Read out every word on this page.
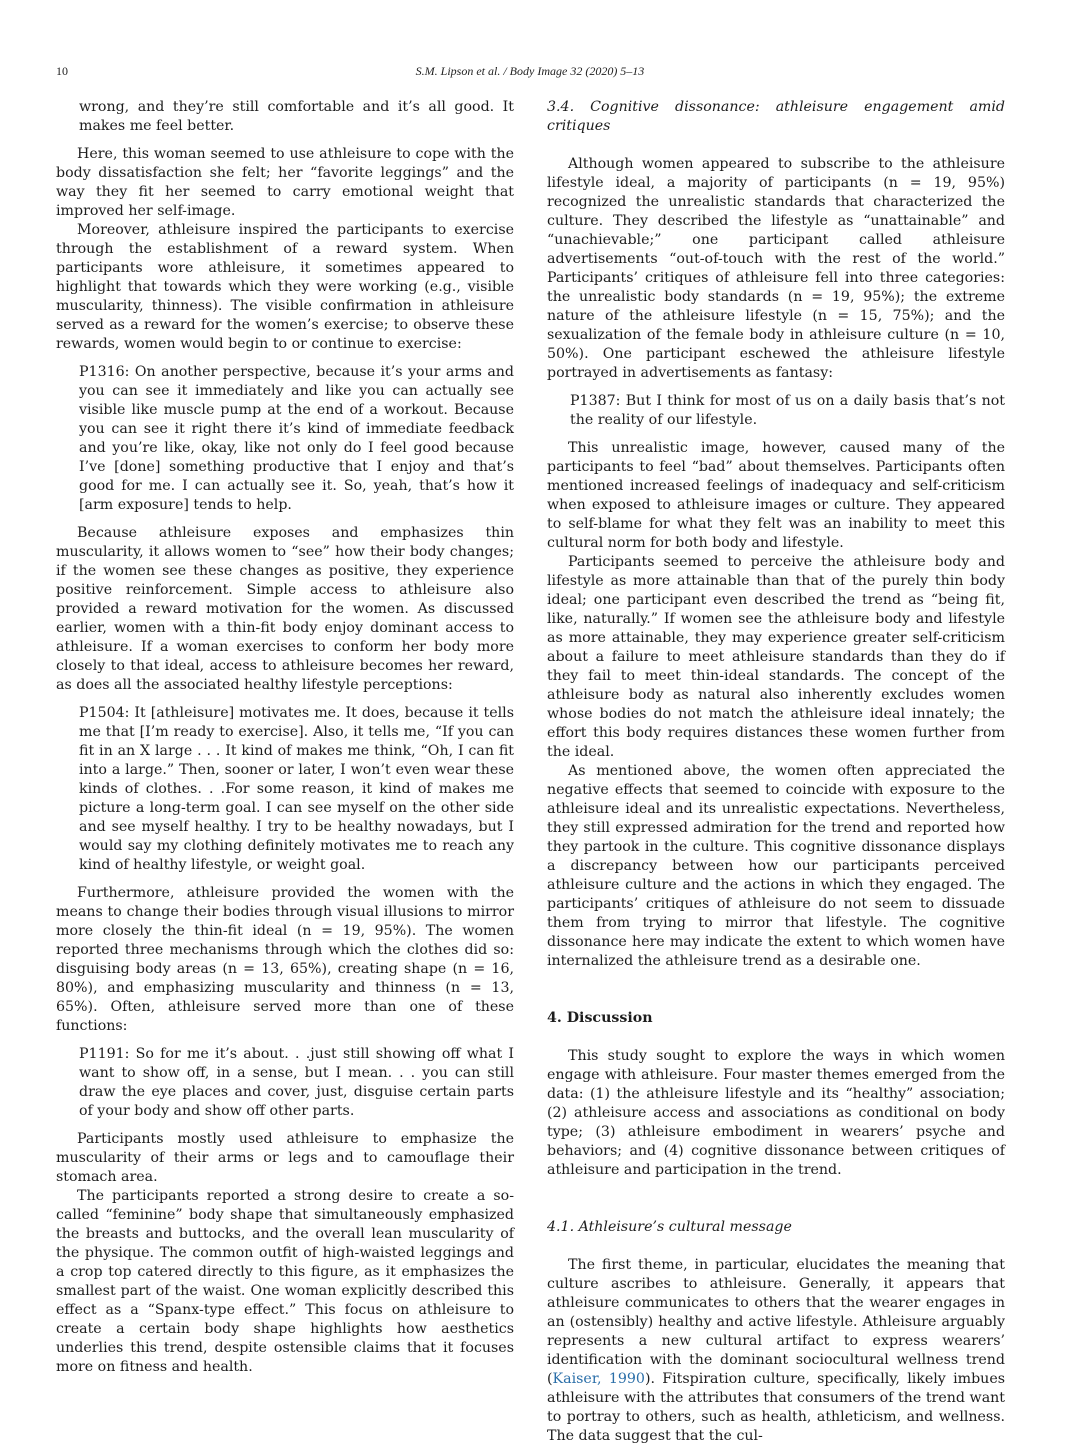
10	S.M. Lipson et al. / Body Image 32 (2020) 5–13

wrong, and they’re still comfortable and it’s all good. It makes me feel better.

Here, this woman seemed to use athleisure to cope with the body dissatisfaction she felt; her “favorite leggings” and the way they fit her seemed to carry emotional weight that improved her self-image.

Moreover, athleisure inspired the participants to exercise through the establishment of a reward system. When participants wore athleisure, it sometimes appeared to highlight that towards which they were working (e.g., visible muscularity, thinness). The visible confirmation in athleisure served as a reward for the women’s exercise; to observe these rewards, women would begin to or continue to exercise:

P1316: On another perspective, because it’s your arms and you can see it immediately and like you can actually see visible like muscle pump at the end of a workout. Because you can see it right there it’s kind of immediate feedback and you’re like, okay, like not only do I feel good because I’ve [done] something productive that I enjoy and that’s good for me. I can actually see it. So, yeah, that’s how it [arm exposure] tends to help.

Because athleisure exposes and emphasizes thin muscularity, it allows women to “see” how their body changes; if the women see these changes as positive, they experience positive reinforcement. Simple access to athleisure also provided a reward motivation for the women. As discussed earlier, women with a thin-fit body enjoy dominant access to athleisure. If a woman exercises to conform her body more closely to that ideal, access to athleisure becomes her reward, as does all the associated healthy lifestyle perceptions:

P1504: It [athleisure] motivates me. It does, because it tells me that [I’m ready to exercise]. Also, it tells me, “If you can fit in an X large . . . It kind of makes me think, “Oh, I can fit into a large.” Then, sooner or later, I won’t even wear these kinds of clothes. . .For some reason, it kind of makes me picture a long-term goal. I can see myself on the other side and see myself healthy. I try to be healthy nowadays, but I would say my clothing definitely motivates me to reach any kind of healthy lifestyle, or weight goal.

Furthermore, athleisure provided the women with the means to change their bodies through visual illusions to mirror more closely the thin-fit ideal (n = 19, 95%). The women reported three mechanisms through which the clothes did so: disguising body areas (n = 13, 65%), creating shape (n = 16, 80%), and emphasizing muscularity and thinness (n = 13, 65%). Often, athleisure served more than one of these functions:

P1191: So for me it’s about. . .just still showing off what I want to show off, in a sense, but I mean. . . you can still draw the eye places and cover, just, disguise certain parts of your body and show off other parts.

Participants mostly used athleisure to emphasize the muscularity of their arms or legs and to camouflage their stomach area.

The participants reported a strong desire to create a so-called “feminine” body shape that simultaneously emphasized the breasts and buttocks, and the overall lean muscularity of the physique. The common outfit of high-waisted leggings and a crop top catered directly to this figure, as it emphasizes the smallest part of the waist. One woman explicitly described this effect as a “Spanx-type effect.” This focus on athleisure to create a certain body shape highlights how aesthetics underlies this trend, despite ostensible claims that it focuses more on fitness and health.

3.4. Cognitive dissonance: athleisure engagement amid critiques

Although women appeared to subscribe to the athleisure lifestyle ideal, a majority of participants (n = 19, 95%) recognized the unrealistic standards that characterized the culture. They described the lifestyle as “unattainable” and “unachievable;” one participant called athleisure advertisements “out-of-touch with the rest of the world.” Participants’ critiques of athleisure fell into three categories: the unrealistic body standards (n = 19, 95%); the extreme nature of the athleisure lifestyle (n = 15, 75%); and the sexualization of the female body in athleisure culture (n = 10, 50%). One participant eschewed the athleisure lifestyle portrayed in advertisements as fantasy:

P1387: But I think for most of us on a daily basis that’s not the reality of our lifestyle.

This unrealistic image, however, caused many of the participants to feel “bad” about themselves. Participants often mentioned increased feelings of inadequacy and self-criticism when exposed to athleisure images or culture. They appeared to self-blame for what they felt was an inability to meet this cultural norm for both body and lifestyle.

Participants seemed to perceive the athleisure body and lifestyle as more attainable than that of the purely thin body ideal; one participant even described the trend as “being fit, like, naturally.” If women see the athleisure body and lifestyle as more attainable, they may experience greater self-criticism about a failure to meet athleisure standards than they do if they fail to meet thin-ideal standards. The concept of the athleisure body as natural also inherently excludes women whose bodies do not match the athleisure ideal innately; the effort this body requires distances these women further from the ideal.

As mentioned above, the women often appreciated the negative effects that seemed to coincide with exposure to the athleisure ideal and its unrealistic expectations. Nevertheless, they still expressed admiration for the trend and reported how they partook in the culture. This cognitive dissonance displays a discrepancy between how our participants perceived athleisure culture and the actions in which they engaged. The participants’ critiques of athleisure do not seem to dissuade them from trying to mirror that lifestyle. The cognitive dissonance here may indicate the extent to which women have internalized the athleisure trend as a desirable one.

4. Discussion

This study sought to explore the ways in which women engage with athleisure. Four master themes emerged from the data: (1) the athleisure lifestyle and its “healthy” association; (2) athleisure access and associations as conditional on body type; (3) athleisure embodiment in wearers’ psyche and behaviors; and (4) cognitive dissonance between critiques of athleisure and participation in the trend.

4.1. Athleisure’s cultural message

The first theme, in particular, elucidates the meaning that culture ascribes to athleisure. Generally, it appears that athleisure communicates to others that the wearer engages in an (ostensibly) healthy and active lifestyle. Athleisure arguably represents a new cultural artifact to express wearers’ identification with the dominant sociocultural wellness trend (Kaiser, 1990). Fitspiration culture, specifically, likely imbues athleisure with the attributes that consumers of the trend want to portray to others, such as health, athleticism, and wellness. The data suggest that the cul-
